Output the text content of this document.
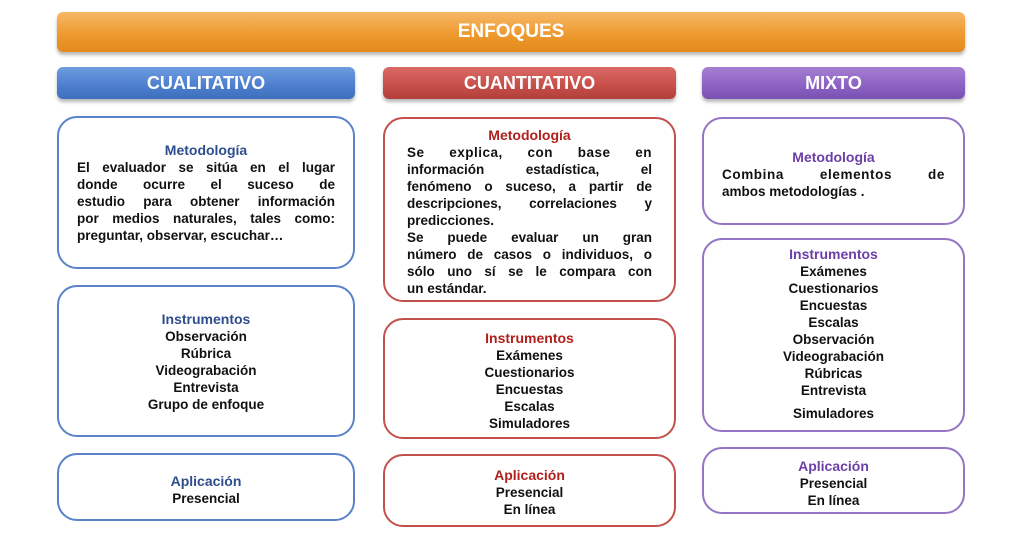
ENFOQUES
CUALITATIVO	CUANTITATIVO	MIXTO
Metodología
El evaluador se sitúa en el lugar
donde ocurre el suceso de
estudio para obtener información
por medios naturales, tales como:
preguntar, observar, escuchar…
Instrumentos
Observación
Rúbrica
Videograbación
Entrevista
Grupo de enfoque
Aplicación
Presencial
Metodología
Se explica, con base en
información estadística, el
fenómeno o suceso, a partir de
descripciones, correlaciones y
predicciones.
Se puede evaluar un gran
número de casos o individuos, o
sólo uno sí se le compara con
un estándar.
Instrumentos
Exámenes
Cuestionarios
Encuestas
Escalas
Simuladores
Aplicación
Presencial
En línea
Metodología
Combina elementos de
ambos metodologías .
Instrumentos
Exámenes
Cuestionarios
Encuestas
Escalas
Observación
Videograbación
Rúbricas
Entrevista
Simuladores
Aplicación
Presencial
En línea
